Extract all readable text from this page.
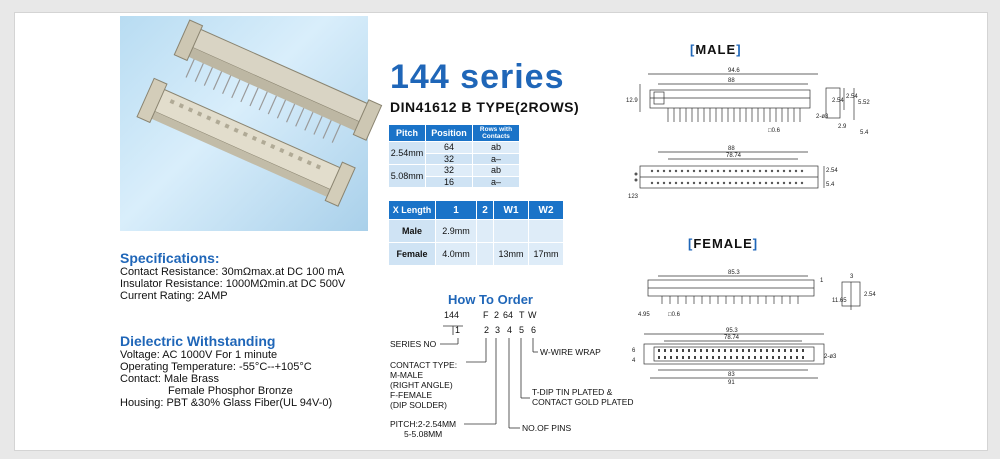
144 series
DIN41612 B TYPE(2ROWS)
Pitch	Position	Rows with Contacts
2.54mm	64	ab
	32	a–
5.08mm	32	ab
	16	a–
X Length	1	2	W1	W2
Male	2.9mm			
Female	4.0mm		13mm	17mm
Specifications:
Contact Resistance: 30mΩmax.at DC 100 mA
Insulator Resistance: 1000MΩmin.at DC 500V
Current Rating: 2AMP
Dielectric Withstanding
Voltage: AC 1000V For 1 minute
Operating Temperature: -55°C--+105°C
Contact: Male Brass
Female Phosphor Bronze
Housing: PBT &30% Glass Fiber(UL 94V-0)
How To Order
144	F 2 64 T W
1	2 3 4 5 6
SERIES NO
CONTACT TYPE:
M-MALE
(RIGHT ANGLE)
F-FEMALE
(DIP SOLDER)
PITCH:2-2.54MM
5-5.08MM
W-WIRE WRAP
T-DIP TIN PLATED &
CONTACT GOLD PLATED
NO.OF PINS
[MALE]
[FEMALE]
94.6
88
12.9	2.54 5.52
2.54
2.9
5.4
□0.6
2-ø3
88
78.74
2.54
5.4
123
85.3
1
3
11.65
2.54
4.95	□0.6
95.3
78.74
2-ø3
83
91
6
4
